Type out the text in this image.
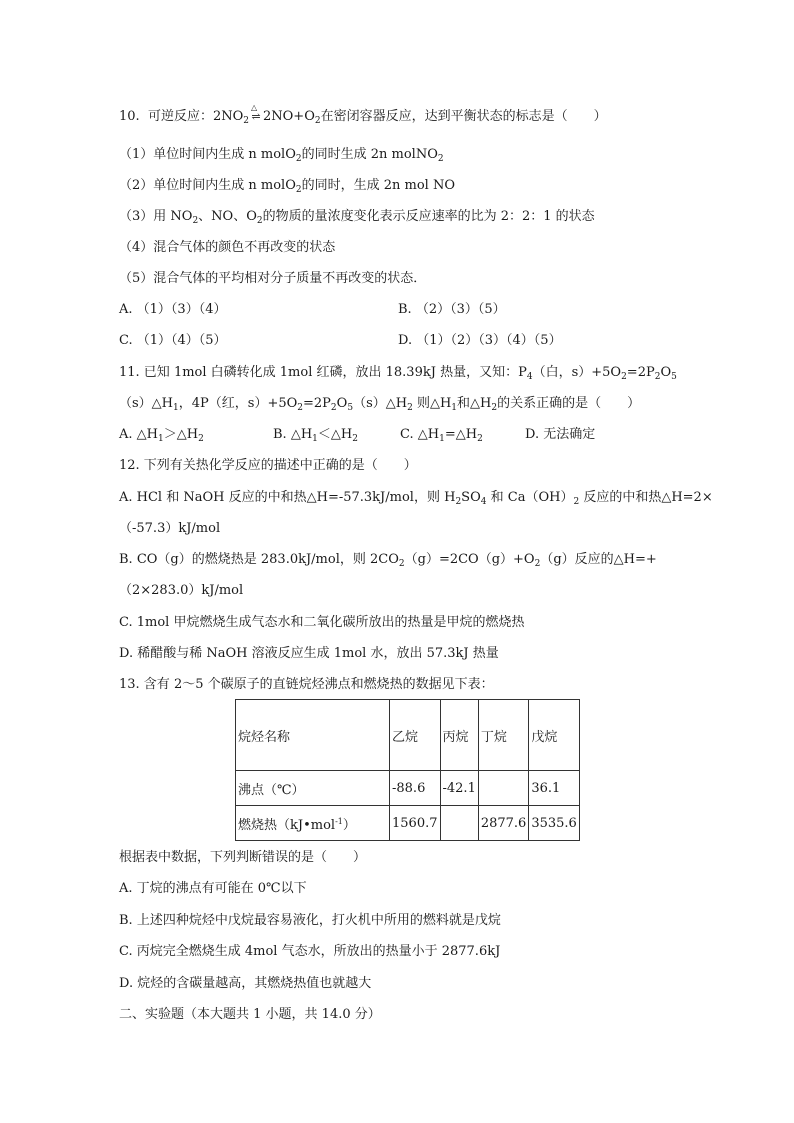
10. 可逆反应：$2NO_2$
△
⇌ $2NO+O_2$在密闭容器反应，达到平衡状态的标志是（　　）
（1）单位时间内生成 n molO$_2$的同时生成 2n molNO$_2$
（2）单位时间内生成 n molO$_2$的同时，生成 2n mol NO
（3）用 $NO_2$、NO、$O_2$的物质的量浓度变化表示反应速率的比为 2：2：1 的状态
（4）混合气体的颜色不再改变的状态
（5）混合气体的平均相对分子质量不再改变的状态．
A. （1）（3）（4）	B. （2）（3）（5）
C. （1）（4）（5）	D. （1）（2）（3）（4）（5）
11. 已知 1mol 白磷转化成 1mol 红磷，放出 18.39kJ 热量，又知：$P_4$（白，$s)+5O_2=2P_2O_5$
$(s)\triangle H_1$，4P（红，$s)+5O_2=2P_2O_5(s)\triangle H_2$ 则$\triangle H_1$和$\triangle H_2$的关系正确的是（　　）
A. $\triangle H_1>\triangle H_2$	B. $\triangle H_1<\triangle H_2$	C. $\triangle H_1=\triangle H_2$	D. 无法确定
12. 下列有关热化学反应的描述中正确的是（　　）
A. HCl 和 NaOH 反应的中和热△H=-57.3kJ/mol，则 $H_2SO_4$ 和 $Ca(OH)_2$ 反应的中和热△H=2×
（-57.3）kJ/mol
B. CO（g）的燃烧热是 283.0kJ/mol，则 $2CO_2(g)=2CO(g)+O_2(g)$反应的△H=+
（2×283.0）kJ/mol
C. 1mol 甲烷燃烧生成气态水和二氧化碳所放出的热量是甲烷的燃烧热
D. 稀醋酸与稀 NaOH 溶液反应生成 1mol 水，放出 57.3kJ 热量
13. 含有 2～5 个碳原子的直链烷烃沸点和燃烧热的数据见下表：
烷烃名称	乙烷	丙烷	丁烷	戊烷
沸点（℃）	-88.6	-42.1		36.1
燃烧热（kJ•mol$^{-1}$）	1560.7		2877.6	3535.6
根据表中数据，下列判断错误的是（　　）
A. 丁烷的沸点有可能在 0℃以下
B. 上述四种烷烃中戊烷最容易液化，打火机中所用的燃料就是戊烷
C. 丙烷完全燃烧生成 4mol 气态水，所放出的热量小于 2877.6kJ
D. 烷烃的含碳量越高，其燃烧热值也就越大
二、实验题（本大题共 1 小题，共 14.0 分）
